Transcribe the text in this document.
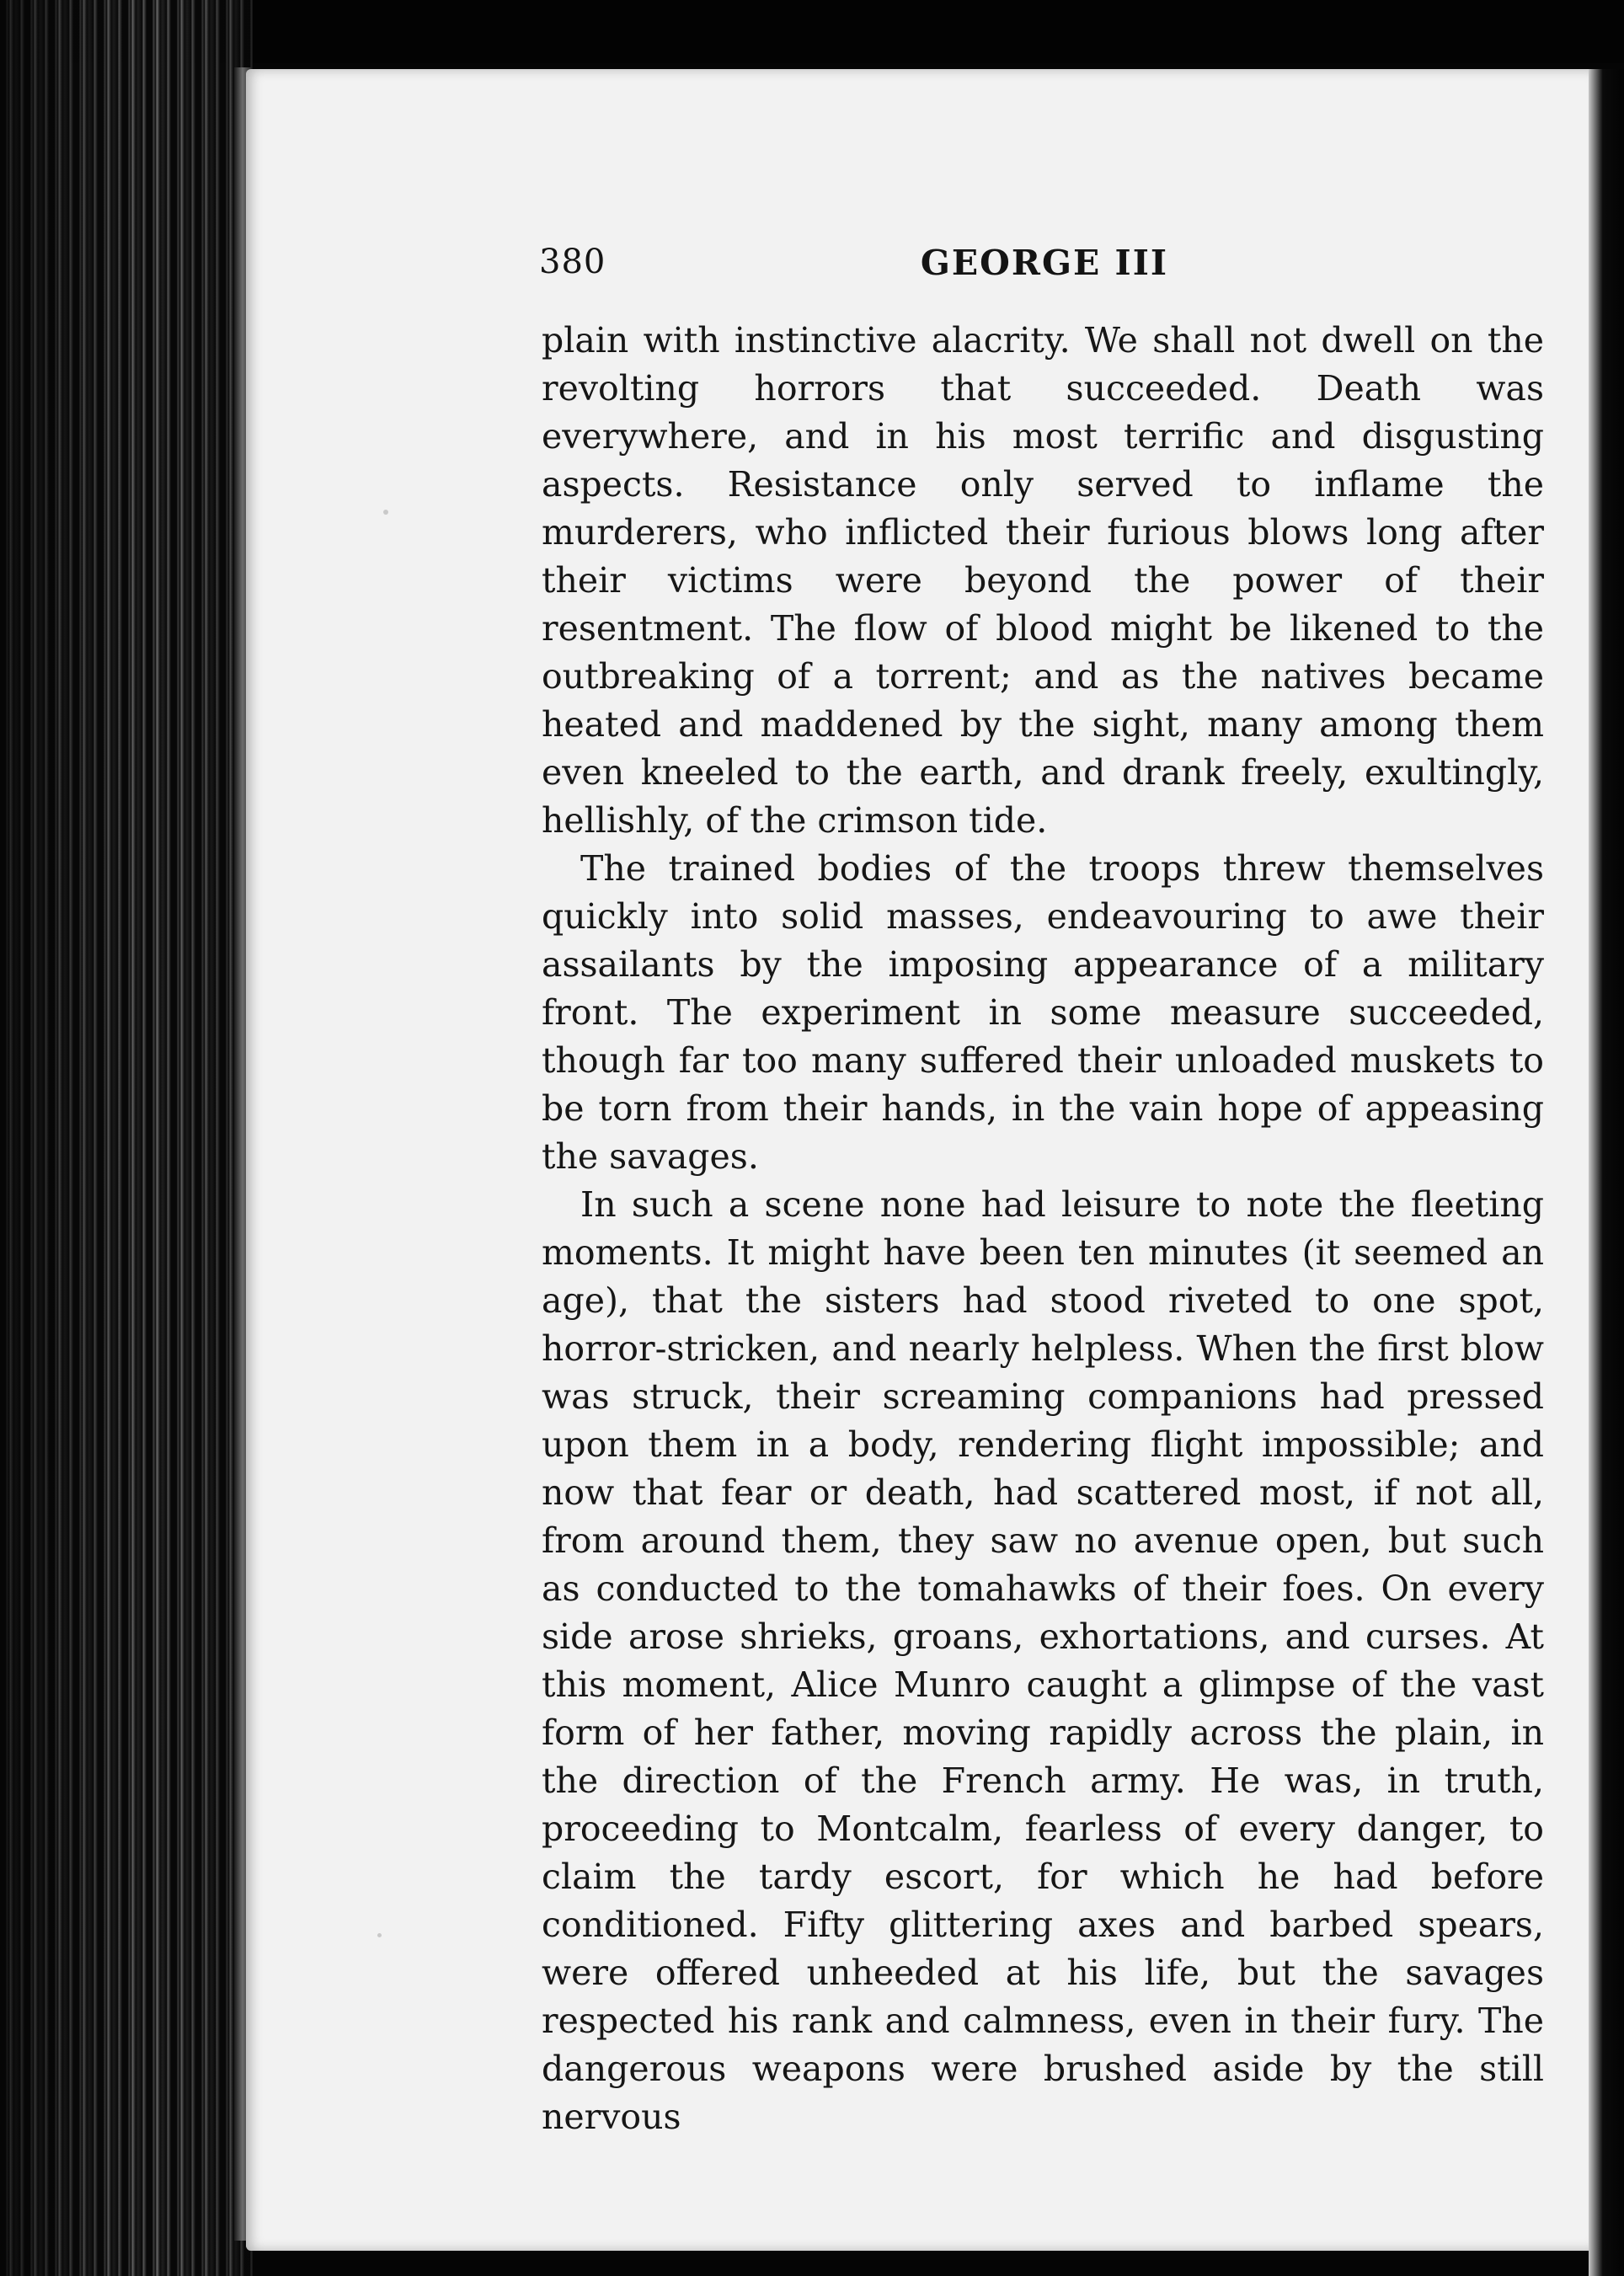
380	GEORGE III

plain with instinctive alacrity. We shall not dwell on the revolting horrors that succeeded. Death was everywhere, and in his most terrific and disgusting aspects. Resistance only served to inflame the murderers, who inflicted their furious blows long after their victims were beyond the power of their resentment. The flow of blood might be likened to the outbreaking of a torrent; and as the natives became heated and maddened by the sight, many among them even kneeled to the earth, and drank freely, exultingly, hellishly, of the crimson tide.

The trained bodies of the troops threw themselves quickly into solid masses, endeavouring to awe their assailants by the imposing appearance of a military front. The experiment in some measure succeeded, though far too many suffered their unloaded muskets to be torn from their hands, in the vain hope of appeasing the savages.

In such a scene none had leisure to note the fleeting moments. It might have been ten minutes (it seemed an age), that the sisters had stood riveted to one spot, horror-stricken, and nearly helpless. When the first blow was struck, their screaming companions had pressed upon them in a body, rendering flight impossible; and now that fear or death, had scattered most, if not all, from around them, they saw no avenue open, but such as conducted to the tomahawks of their foes. On every side arose shrieks, groans, exhortations, and curses. At this moment, Alice Munro caught a glimpse of the vast form of her father, moving rapidly across the plain, in the direction of the French army. He was, in truth, proceeding to Montcalm, fearless of every danger, to claim the tardy escort, for which he had before conditioned. Fifty glittering axes and barbed spears, were offered unheeded at his life, but the savages respected his rank and calmness, even in their fury. The dangerous weapons were brushed aside by the still nervous
